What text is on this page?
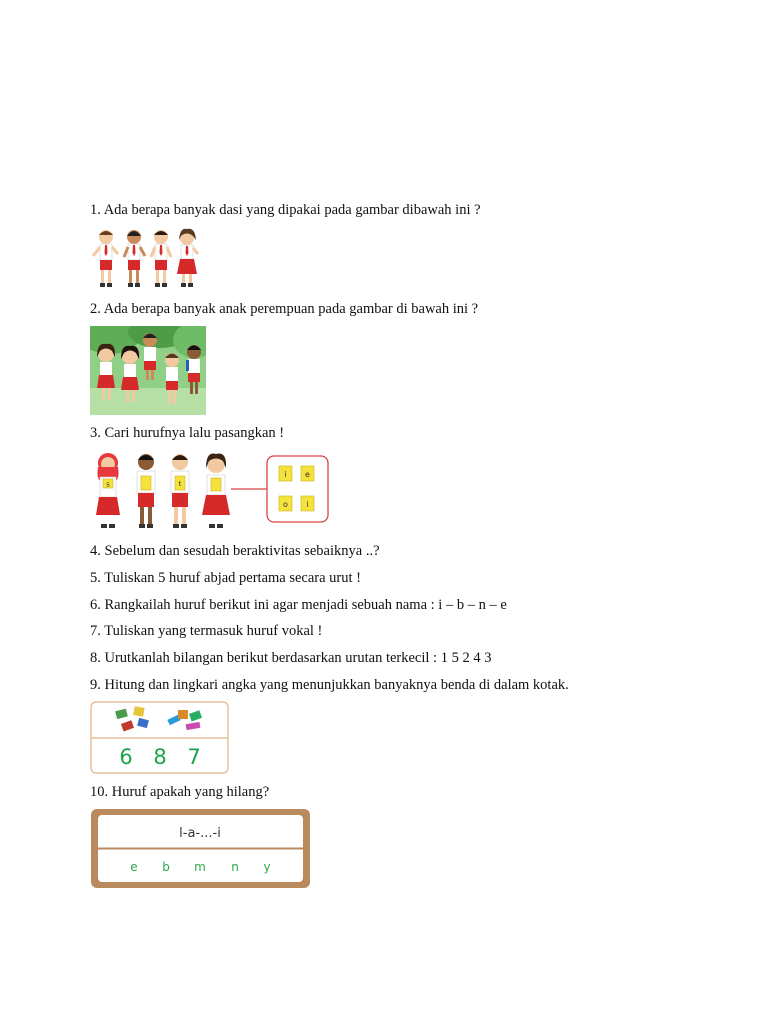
1. Ada berapa banyak dasi yang dipakai pada gambar dibawah ini ?
2. Ada berapa banyak anak perempuan pada gambar di bawah ini ?
3. Cari hurufnya lalu pasangkan !
s	t
i e
o i
4. Sebelum dan sesudah beraktivitas sebaiknya ..?
5. Tuliskan 5 huruf abjad pertama secara urut !
6. Rangkailah huruf berikut ini agar menjadi sebuah nama : i – b – n – e
7. Tuliskan yang termasuk huruf vokal !
8. Urutkanlah bilangan berikut berdasarkan urutan terkecil : 1 5 2 4 3
9. Hitung dan lingkari angka yang menunjukkan banyaknya benda di dalam kotak.
6 8 7
10. Huruf apakah yang hilang?
l-a-...-i
e b m n y
